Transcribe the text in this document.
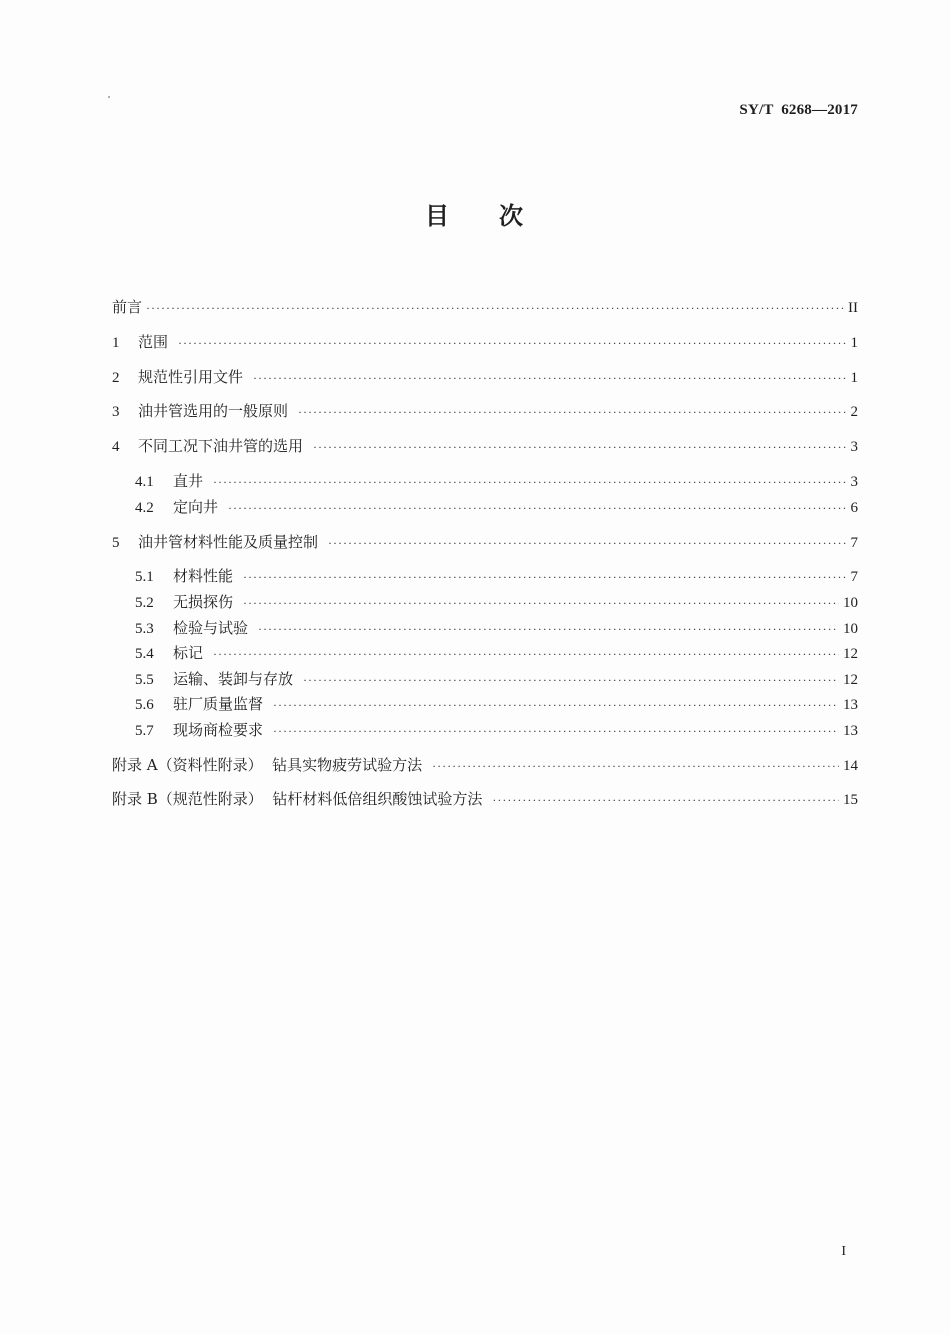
SY/T  6268—2017
目 次
前言 ·····	II
1	范围 ·····	1
2	规范性引用文件 ·····	1
3	油井管选用的一般原则 ·····	2
4	不同工况下油井管的选用 ·····	3
4.1	直井 ·····	3
4.2	定向井 ·····	6
5	油井管材料性能及质量控制 ·····	7
5.1	材料性能 ·····	7
5.2	无损探伤 ·····	10
5.3	检验与试验 ·····	10
5.4	标记 ·····	12
5.5	运输、装卸与存放 ·····	12
5.6	驻厂质量监督 ·····	13
5.7	现场商检要求 ·····	13
附录 A（资料性附录）  钻具实物疲劳试验方法 ·····	14
附录 B（规范性附录）  钻杆材料低倍组织酸蚀试验方法 ·····	15
I
